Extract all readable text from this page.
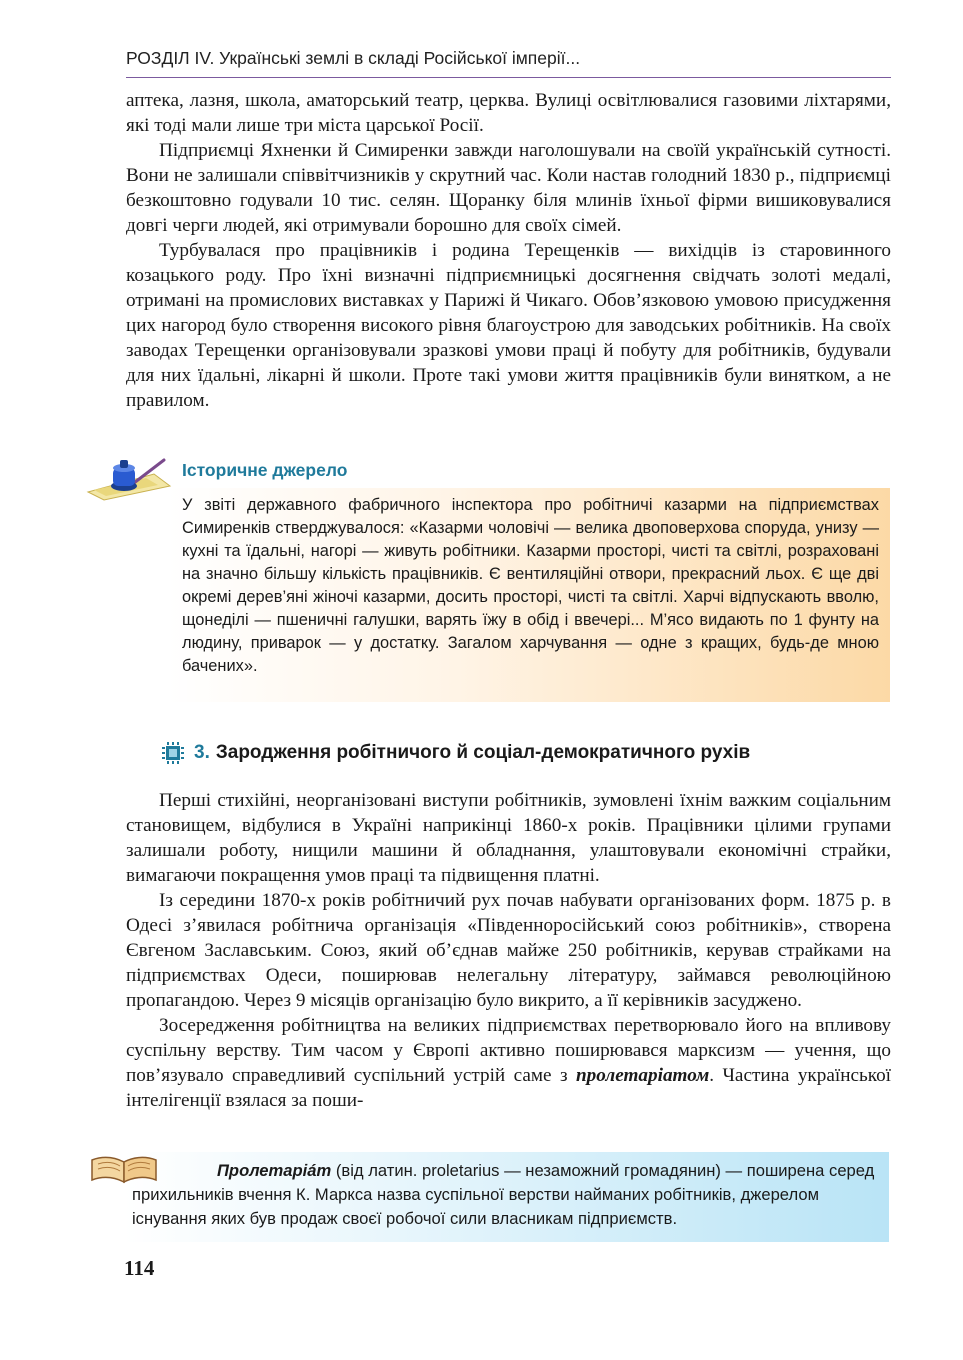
РОЗДІЛ IV. Українські землі в складі Російської імперії...

аптека, лазня, школа, аматорський театр, церква. Вулиці освітлювалися газовими ліхтарями, які тоді мали лише три міста царської Росії.

Підприємці Яхненки й Симиренки завжди наголошували на своїй українській сутності. Вони не залишали співвітчизників у скрутний час. Коли настав голодний 1830 р., підприємці безкоштовно годували 10 тис. селян. Щоранку біля млинів їхньої фірми вишиковувалися довгі черги людей, які отримували борошно для своїх сімей.

Турбувалася про працівників і родина Терещенків — вихідців із старовинного козацького роду. Про їхні визначні підприємницькі досягнення свідчать золоті медалі, отримані на промислових виставках у Парижі й Чикаго. Обов’язковою умовою присудження цих нагород було створення високого рівня благоустрою для заводських робітників. На своїх заводах Терещенки організовували зразкові умови праці й побуту для робітників, будували для них їдальні, лікарні й школи. Проте такі умови життя працівників були винятком, а не правилом.

Історичне джерело

У звіті державного фабричного інспектора про робітничі казарми на підприємствах Симиренків стверджувалося: «Казарми чоловічі — велика двоповерхова споруда, унизу — кухні та їдальні, нагорі — живуть робітники. Казарми просторі, чисті та світлі, розраховані на значно більшу кількість працівників. Є вентиляційні отвори, прекрасний льох. Є ще дві окремі дерев’яні жіночі казарми, досить просторі, чисті та світлі. Харчі відпускають вволю, щонеділі — пшеничні галушки, варять їжу в обід і ввечері... М’ясо видають по 1 фунту на людину, приварок — у достатку. Загалом харчування — одне з кращих, будь-де мною бачених».

3. Зародження робітничого й соціал-демократичного рухів

Перші стихійні, неорганізовані виступи робітників, зумовлені їхнім важким соціальним становищем, відбулися в Україні наприкінці 1860-х років. Працівники цілими групами залишали роботу, нищили машини й обладнання, улаштовували економічні страйки, вимагаючи покращення умов праці та підвищення платні.

Із середини 1870-х років робітничий рух почав набувати організованих форм. 1875 р. в Одесі з’явилася робітнича організація «Південноросійський союз робітників», створена Євгеном Заславським. Союз, який об’єднав майже 250 робітників, керував страйками на підприємствах Одеси, поширював нелегальну літературу, займався революційною пропагандою. Через 9 місяців організацію було викрито, а її керівників засуджено.

Зосередження робітництва на великих підприємствах перетворювало його на впливову суспільну верству. Тим часом у Європі активно поширювався марксизм — учення, що пов’язувало справедливий суспільний устрій саме з пролетаріатом. Частина української інтелігенції взялася за поши-

Пролетаріáт (від латин. proletarius — незаможний громадянин) — поширена серед прихильників вчення К. Маркса назва суспільної верстви найманих робітників, джерелом існування яких був продаж своєї робочої сили власникам підприємств.

114
